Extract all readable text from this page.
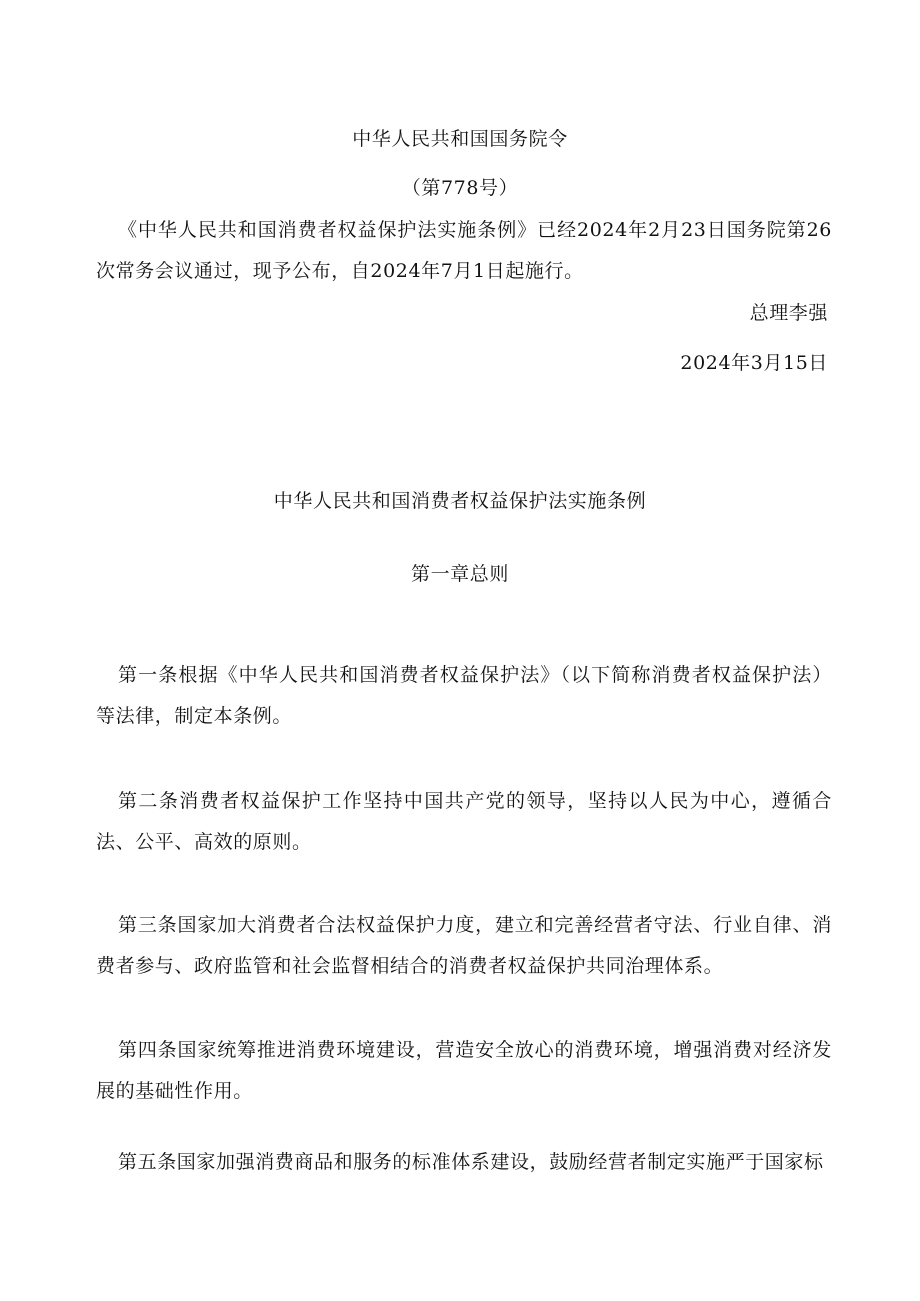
中华人民共和国国务院令
（第778号）

《中华人民共和国消费者权益保护法实施条例》已经2024年2月23日国务院第26次常务会议通过，现予公布，自2024年7月1日起施行。

总理李强
2024年3月15日
中华人民共和国消费者权益保护法实施条例
第一章总则

第一条根据《中华人民共和国消费者权益保护法》（以下简称消费者权益保护法）等法律，制定本条例。

第二条消费者权益保护工作坚持中国共产党的领导，坚持以人民为中心，遵循合法、公平、高效的原则。

第三条国家加大消费者合法权益保护力度，建立和完善经营者守法、行业自律、消费者参与、政府监管和社会监督相结合的消费者权益保护共同治理体系。

第四条国家统筹推进消费环境建设，营造安全放心的消费环境，增强消费对经济发展的基础性作用。

第五条国家加强消费商品和服务的标准体系建设，鼓励经营者制定实施严于国家标
